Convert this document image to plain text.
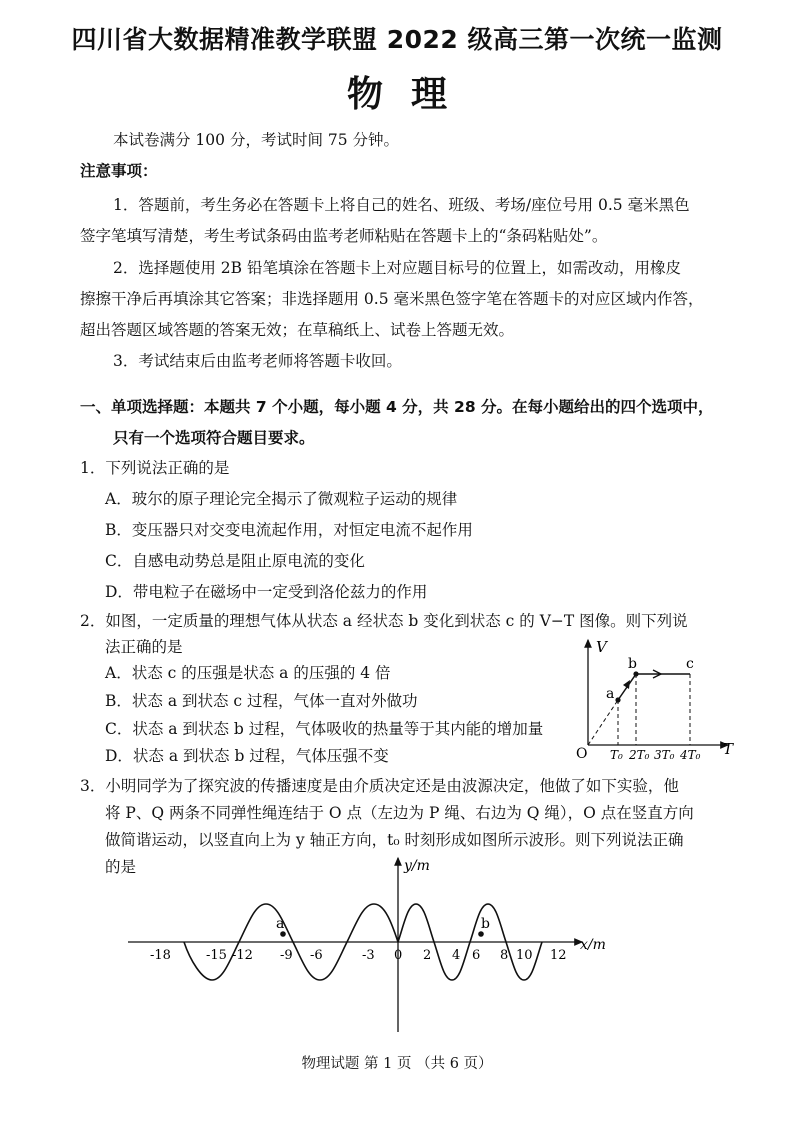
四川省大数据精准教学联盟 2022 级高三第一次统一监测
物理
本试卷满分 100 分，考试时间 75 分钟。
注意事项：
1．答题前，考生务必在答题卡上将自己的姓名、班级、考场/座位号用 0.5 毫米黑色
签字笔填写清楚，考生考试条码由监考老师粘贴在答题卡上的“条码粘贴处”。
2．选择题使用 2B 铅笔填涂在答题卡上对应题目标号的位置上，如需改动，用橡皮
擦擦干净后再填涂其它答案；非选择题用 0.5 毫米黑色签字笔在答题卡的对应区域内作答，
超出答题区域答题的答案无效；在草稿纸上、试卷上答题无效。
3．考试结束后由监考老师将答题卡收回。
一、单项选择题：本题共 7 个小题，每小题 4 分，共 28 分。在每小题给出的四个选项中，
只有一个选项符合题目要求。
1．下列说法正确的是
A．玻尔的原子理论完全揭示了微观粒子运动的规律
B．变压器只对交变电流起作用，对恒定电流不起作用
C．自感电动势总是阻止原电流的变化
D．带电粒子在磁场中一定受到洛伦兹力的作用
2．如图，一定质量的理想气体从状态 a 经状态 b 变化到状态 c 的 V−T 图像。则下列说
法正确的是
A．状态 c 的压强是状态 a 的压强的 4 倍
B．状态 a 到状态 c 过程，气体一直对外做功
C．状态 a 到状态 b 过程，气体吸收的热量等于其内能的增加量
D．状态 a 到状态 b 过程，气体压强不变
V
T
O
a
b	c
T₀ 2T₀ 3T₀ 4T₀
3．小明同学为了探究波的传播速度是由介质决定还是由波源决定，他做了如下实验，他
将 P、Q 两条不同弹性绳连结于 O 点（左边为 P 绳、右边为 Q 绳），O 点在竖直方向
做简谐运动，以竖直向上为 y 轴正方向，t₀ 时刻形成如图所示波形。则下列说法正确
的是	y/m
x/m
0
a	b
-18	-15 -12 -9 -6	-3	2 4 6 8 10 12
物理试题 第 1 页 （共 6 页）
